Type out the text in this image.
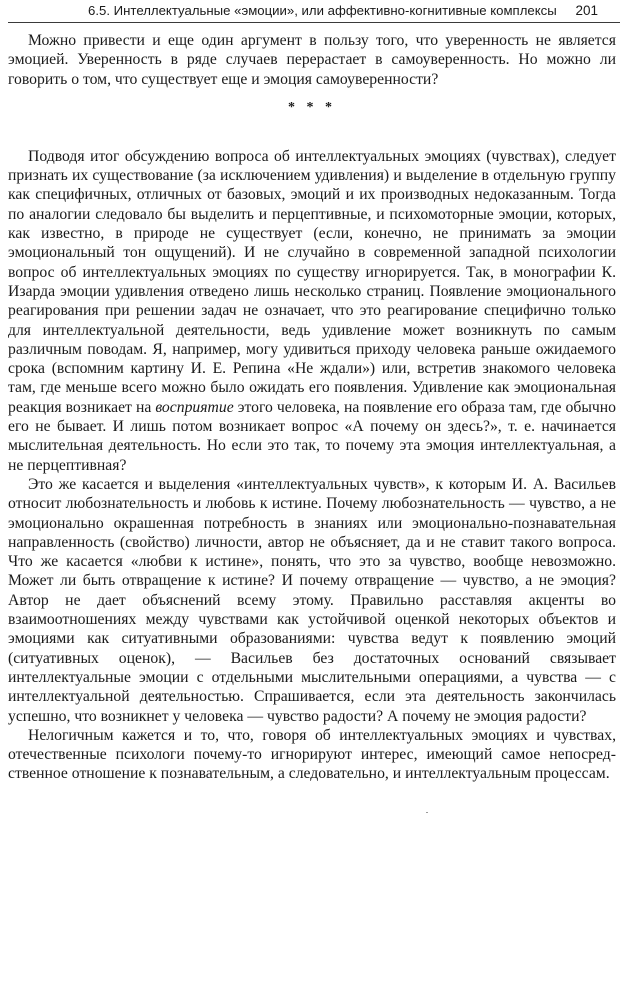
6.5. Интеллектуальные «эмоции», или аффективно-когнитивные комплексы 201

Можно привести и еще один аргумент в пользу того, что уверенность не является эмоцией. Уверенность в ряде случаев перерастает в самоуверенность. Но можно ли говорить о том, что существует еще и эмоция самоуверенности?

* * *

Подводя итог обсуждению вопроса об интеллектуальных эмоциях (чувствах), следует признать их существование (за исключением удивления) и выделение в отдельную группу как специфичных, отличных от базовых, эмоций и их производных недоказанным. Тогда по аналогии следовало бы выделить и перцептивные, и психомоторные эмоции, которых, как известно, в природе не существует (если, конечно, не принимать за эмоции эмоциональный тон ощущений). И не случайно в современной западной психологии вопрос об интеллектуальных эмоциях по существу игнорируется. Так, в монографии К. Изарда эмоции удивления отведено лишь несколько страниц. Появление эмоционального реагирования при решении задач не означает, что это реагирование специфично только для интеллектуальной деятельности, ведь удивление может возникнуть по самым различным поводам. Я, например, могу удивиться приходу человека раньше ожидаемого срока (вспомним картину И. Е. Репина «Не ждали») или, встретив знакомого человека там, где меньше всего можно было ожидать его появления. Удивление как эмоциональная реакция возникает на восприятие этого человека, на появление его образа там, где обычно его не бывает. И лишь потом возникает вопрос «А почему он здесь?», т. е. начинается мыслительная деятельность. Но если это так, то почему эта эмоция интеллектуальная, а не перцептивная?

Это же касается и выделения «интеллектуальных чувств», к которым И. А. Васильев относит любознательность и любовь к истине. Почему любознательность — чувство, а не эмоционально окрашенная потребность в знаниях или эмоционально-познавательная направленность (свойство) личности, автор не объясняет, да и не ставит такого вопроса. Что же касается «любви к истине», понять, что это за чувство, вообще невозможно. Может ли быть отвращение к истине? И почему отвращение — чувство, а не эмоция? Автор не дает объяснений всему этому. Правильно расставляя акценты во взаимоотношениях между чувствами как устойчивой оценкой некоторых объектов и эмоциями как ситуативными образованиями: чувства ведут к появлению эмоций (ситуативных оценок), — Васильев без достаточных оснований связывает интеллектуальные эмоции с отдельными мыслительными операциями, а чувства — с интеллектуальной деятельностью. Спрашивается, если эта деятельность закончилась успешно, что возникнет у человека — чувство радости? А почему не эмоция радости?

Нелогичным кажется и то, что, говоря об интеллектуальных эмоциях и чувствах, отечественные психологи почему-то игнорируют интерес, имеющий самое непосредственное отношение к познавательным, а следовательно, и интеллектуальным процессам.
